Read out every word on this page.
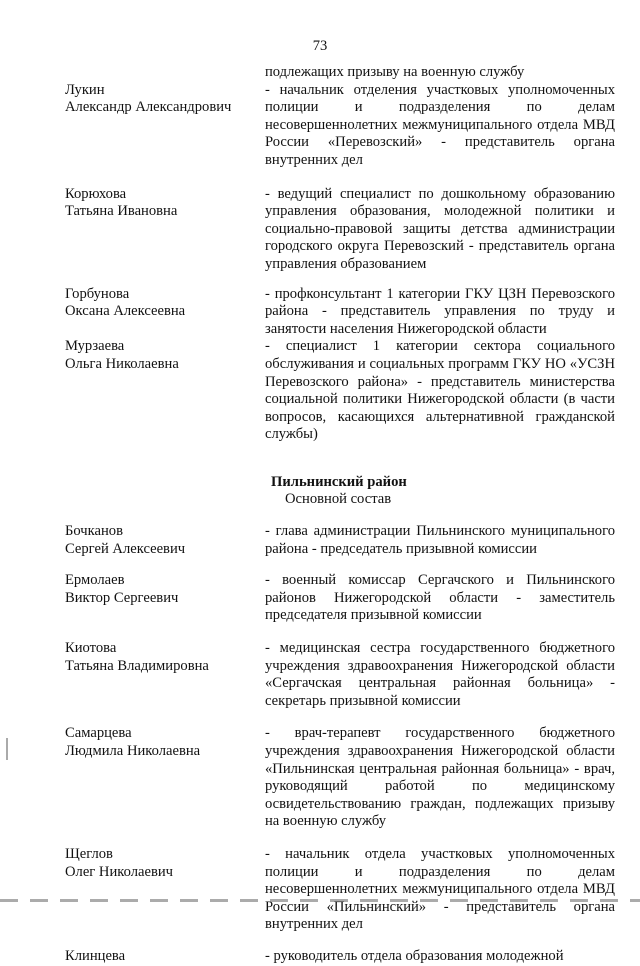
73
подлежащих призыву на военную службу
Лукин
Александр Александрович
- начальник отделения участковых уполномоченных полиции и подразделения по делам несовершеннолетних межмуниципального отдела МВД России «Перевозский» - представитель органа внутренних дел
Корюхова
Татьяна Ивановна
- ведущий специалист по дошкольному образованию управления образования, молодежной политики и социально-правовой защиты детства администрации городского округа Перевозский - представитель органа управления образованием
Горбунова
Оксана Алексеевна
- профконсультант 1 категории ГКУ ЦЗН Перевозского района - представитель управления по труду и занятости населения Нижегородской области
Мурзаева
Ольга Николаевна
- специалист 1 категории сектора социального обслуживания и социальных программ ГКУ НО «УСЗН Перевозского района» - представитель министерства социальной политики Нижегородской области (в части вопросов, касающихся альтернативной гражданской службы)
Пильнинский район
Основной состав
Бочканов
Сергей Алексеевич
- глава администрации Пильнинского муниципального района - председатель призывной комиссии
Ермолаев
Виктор Сергеевич
- военный комиссар Сергачского и Пильнинского районов Нижегородской области - заместитель председателя призывной комиссии
Киотова
Татьяна Владимировна
- медицинская сестра государственного бюджетного учреждения здравоохранения Нижегородской области «Сергачская центральная районная больница» - секретарь призывной комиссии
Самарцева
Людмила Николаевна
- врач-терапевт государственного бюджетного учреждения здравоохранения Нижегородской области «Пильнинская центральная районная больница» - врач, руководящий работой по медицинскому освидетельствованию граждан, подлежащих призыву на военную службу
Щеглов
Олег Николаевич
- начальник отдела участковых уполномоченных полиции и подразделения по делам несовершеннолетних межмуниципального отдела МВД России «Пильнинский» - представитель органа внутренних дел
Клинцева	- руководитель отдела образования молодежной
